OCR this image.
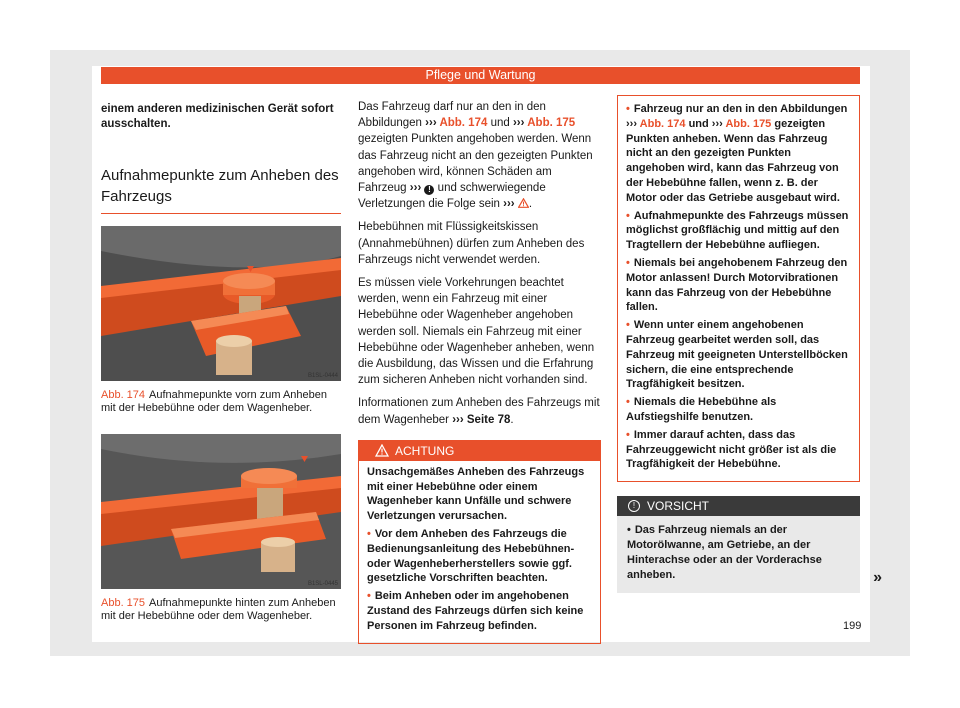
Pflege und Wartung

einem anderen medizinischen Gerät sofort ausschalten.

Aufnahmepunkte zum Anheben des Fahrzeugs
B1SL-0444
Abb. 174 Aufnahmepunkte vorn zum Anheben mit der Hebebühne oder dem Wagenheber.
B1SL-0445
Abb. 175 Aufnahmepunkte hinten zum Anheben mit der Hebebühne oder dem Wagenheber.

Das Fahrzeug darf nur an den in den Abbildungen ››› Abb. 174 und ››› Abb. 175 gezeigten Punkten angehoben werden. Wenn das Fahrzeug nicht an den gezeigten Punkten angehoben wird, können Schäden am Fahrzeug ››› ! und schwerwiegende Verletzungen die Folge sein ››› .

Hebebühnen mit Flüssigkeitskissen (Annahmebühnen) dürfen zum Anheben des Fahrzeugs nicht verwendet werden.

Es müssen viele Vorkehrungen beachtet werden, wenn ein Fahrzeug mit einer Hebebühne oder Wagenheber angehoben werden soll. Niemals ein Fahrzeug mit einer Hebebühne oder Wagenheber anheben, wenn die Ausbildung, das Wissen und die Erfahrung zum sicheren Anheben nicht vorhanden sind.

Informationen zum Anheben des Fahrzeugs mit dem Wagenheber ››› Seite 78.

ACHTUNG

Unsachgemäßes Anheben des Fahrzeugs mit einer Hebebühne oder einem Wagenheber kann Unfälle und schwere Verletzungen verursachen.

• Vor dem Anheben des Fahrzeugs die Bedienungsanleitung des Hebebühnen-oder Wagenheberherstellers sowie ggf. gesetzliche Vorschriften beachten.

• Beim Anheben oder im angehobenen Zustand des Fahrzeugs dürfen sich keine Personen im Fahrzeug befinden.

• Fahrzeug nur an den in den Abbildungen ››› Abb. 174 und ››› Abb. 175 gezeigten Punkten anheben. Wenn das Fahrzeug nicht an den gezeigten Punkten angehoben wird, kann das Fahrzeug von der Hebebühne fallen, wenn z. B. der Motor oder das Getriebe ausgebaut wird.

• Aufnahmepunkte des Fahrzeugs müssen möglichst großflächig und mittig auf den Tragtellern der Hebebühne aufliegen.

• Niemals bei angehobenem Fahrzeug den Motor anlassen! Durch Motorvibrationen kann das Fahrzeug von der Hebebühne fallen.

• Wenn unter einem angehobenen Fahrzeug gearbeitet werden soll, das Fahrzeug mit geeigneten Unterstellböcken sichern, die eine entsprechende Tragfähigkeit besitzen.

• Niemals die Hebebühne als Aufstiegshilfe benutzen.

• Immer darauf achten, dass das Fahrzeuggewicht nicht größer ist als die Tragfähigkeit der Hebebühne.

! VORSICHT

• Das Fahrzeug niemals an der Motorölwanne, am Getriebe, an der Hinterachse oder an der Vorderachse anheben.	»
199
